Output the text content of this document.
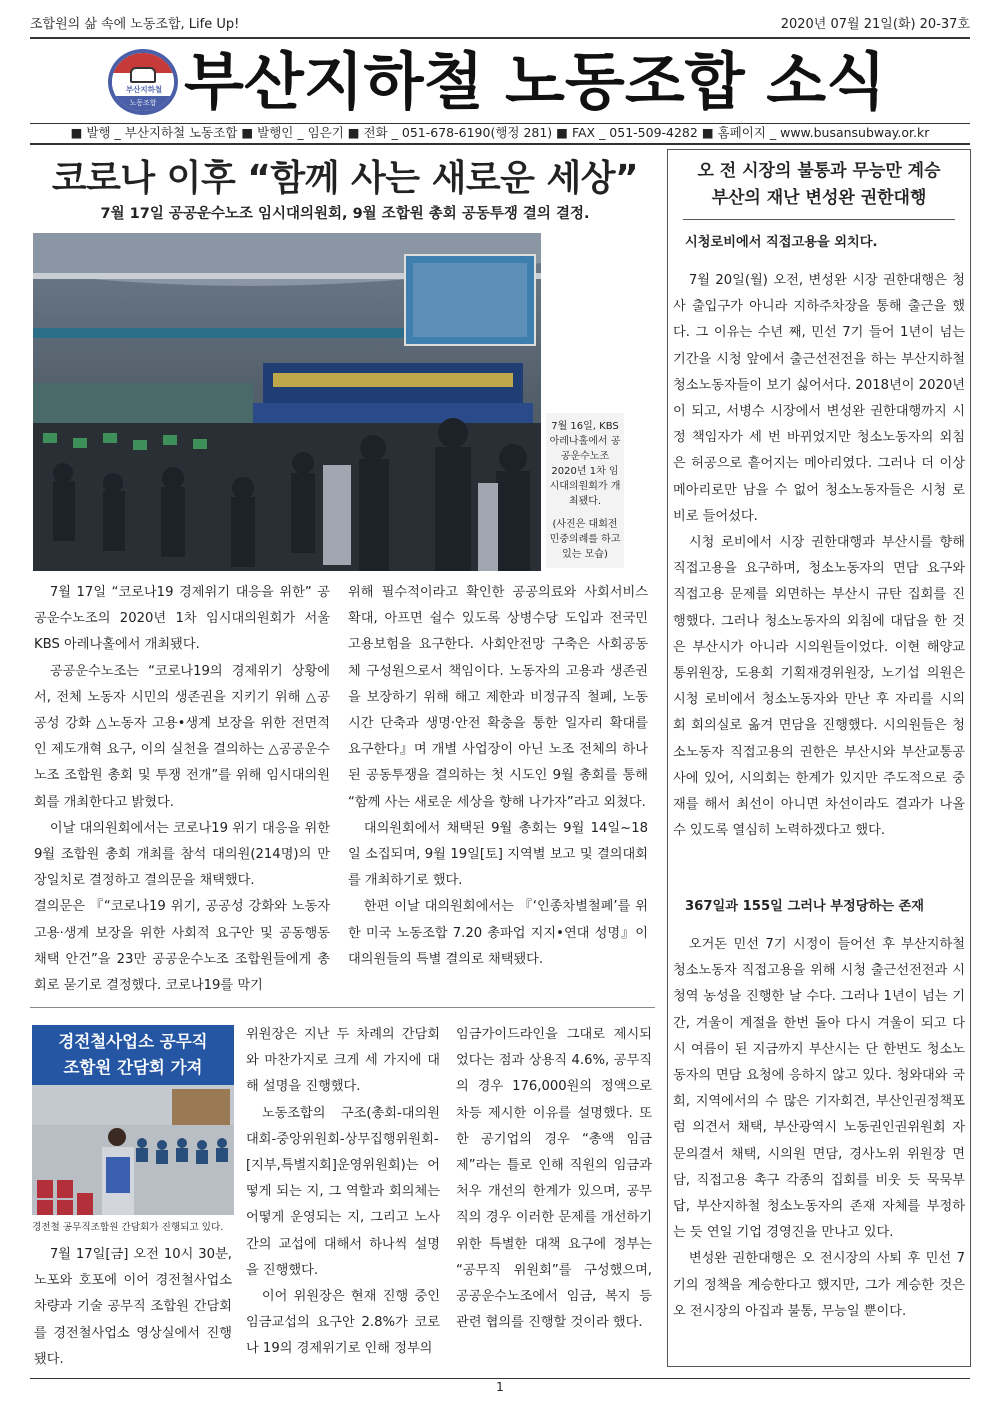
조합원의 삶 속에 노동조합, Life Up!	2020년 07월 21일(화) 20-37호
부산지하철
노동조합 부산지하철 노동조합 소식
■ 발행 _ 부산지하철 노동조합 ■ 발행인 _ 임은기 ■ 전화 _ 051-678-6190(행정 281) ■ FAX _ 051-509-4282 ■ 홈페이지 _ www.busansubway.or.kr
코로나 이후 “함께 사는 새로운 세상”
7월 17일 공공운수노조 임시대의원회, 9월 조합원 총회 공동투쟁 결의 결정.
7월 16일, KBS아레나홀에서 공공운수노조 2020년 1차 임시대의원회가 개최됐다.
(사진은 대회전 민중의례를 하고 있는 모습)

7월 17일 “코로나19 경제위기 대응을 위한” 공공운수노조의 2020년 1차 임시대의원회가 서울 KBS 아레나홀에서 개최됐다.

공공운수노조는 “코로나19의 경제위기 상황에서, 전체 노동자 시민의 생존권을 지키기 위해 △공공성 강화 △노동자 고용•생계 보장을 위한 전면적인 제도개혁 요구, 이의 실천을 결의하는 △공공운수노조 조합원 총회 및 투쟁 전개”를 위해 임시대의원회를 개최한다고 밝혔다.

이날 대의원회에서는 코로나19 위기 대응을 위한 9월 조합원 총회 개최를 참석 대의원(214명)의 만장일치로 결정하고 결의문을 채택했다.

결의문은 『“코로나19 위기, 공공성 강화와 노동자 고용·생계 보장을 위한 사회적 요구안 및 공동행동 채택 안건”을 23만 공공운수노조 조합원들에게 총회로 묻기로 결정했다. 코로나19를 막기

위해 필수적이라고 확인한 공공의료와 사회서비스 확대, 아프면 쉴수 있도록 상병수당 도입과 전국민 고용보험을 요구한다. 사회안전망 구축은 사회공동체 구성원으로서 책임이다. 노동자의 고용과 생존권을 보장하기 위해 해고 제한과 비정규직 철폐, 노동시간 단축과 생명·안전 확충을 통한 일자리 확대를 요구한다』며 개별 사업장이 아닌 노조 전체의 하나된 공동투쟁을 결의하는 첫 시도인 9월 총회를 통해 “함께 사는 새로운 세상을 향해 나가자”라고 외쳤다.

대의원회에서 채택된 9월 총회는 9월 14일~18일 소집되며, 9월 19일[토] 지역별 보고 및 결의대회를 개최하기로 했다.

한편 이날 대의원회에서는 『‘인종차별철폐’를 위한 미국 노동조합 7.20 총파업 지지•연대 성명』이 대의원들의 특별 결의로 채택됐다.

오 전 시장의 불통과 무능만 계승
부산의 재난 변성완 권한대행
시청로비에서 직접고용을 외치다.

7월 20일(월) 오전, 변성완 시장 권한대행은 청사 출입구가 아니라 지하주차장을 통해 출근을 했다. 그 이유는 수년 째, 민선 7기 들어 1년이 넘는 기간을 시청 앞에서 출근선전전을 하는 부산지하철 청소노동자들이 보기 싫어서다. 2018년이 2020년이 되고, 서병수 시장에서 변성완 권한대행까지 시정 책임자가 세 번 바뀌었지만 청소노동자의 외침은 허공으로 흩어지는 메아리였다. 그러나 더 이상 메아리로만 남을 수 없어 청소노동자들은 시청 로비로 들어섰다.

시청 로비에서 시장 권한대행과 부산시를 향해 직접고용을 요구하며, 청소노동자의 면담 요구와 직접고용 문제를 외면하는 부산시 규탄 집회를 진행했다. 그러나 청소노동자의 외침에 대답을 한 것은 부산시가 아니라 시의원들이었다. 이현 해양교통위원장, 도용회 기획재경위원장, 노기섭 의원은 시청 로비에서 청소노동자와 만난 후 자리를 시의회 회의실로 옮겨 면담을 진행했다. 시의원들은 청소노동자 직접고용의 권한은 부산시와 부산교통공사에 있어, 시의회는 한계가 있지만 주도적으로 중재를 해서 최선이 아니면 차선이라도 결과가 나올 수 있도록 열심히 노력하겠다고 했다.

367일과 155일 그러나 부정당하는 존재

오거돈 민선 7기 시정이 들어선 후 부산지하철 청소노동자 직접고용을 위해 시청 출근선전전과 시청역 농성을 진행한 날 수다. 그러나 1년이 넘는 기간, 겨울이 계절을 한번 돌아 다시 겨울이 되고 다시 여름이 된 지금까지 부산시는 단 한번도 청소노동자의 면담 요청에 응하지 않고 있다. 청와대와 국회, 지역에서의 수 많은 기자회견, 부산인권정책포럼 의견서 채택, 부산광역시 노동권인권위원회 자문의결서 채택, 시의원 면담, 경사노위 위원장 면담, 직접고용 촉구 각종의 집회를 비웃 듯 묵묵부답, 부산지하철 청소노동자의 존재 자체를 부정하는 듯 연일 기업 경영진을 만나고 있다.

변성완 권한대행은 오 전시장의 사퇴 후 민선 7기의 정책을 계승한다고 했지만, 그가 계승한 것은 오 전시장의 아집과 불통, 무능일 뿐이다.

경전철사업소 공무직
조합원 간담회 가져
경전철 공무직조합원 간담회가 진행되고 있다.

7월 17일[금] 오전 10시 30분, 노포와 호포에 이어 경전철사업소 차량과 기술 공무직 조합원 간담회를 경전철사업소 영상실에서 진행됐다.

위원장은 지난 두 차례의 간담회와 마찬가지로 크게 세 가지에 대해 설명을 진행했다.

노동조합의 구조(총회-대의원대회-중앙위원회-상무집행위원회-[지부,특별지회]운영위원회)는 어떻게 되는 지, 그 역할과 회의체는 어떻게 운영되는 지, 그리고 노사 간의 교섭에 대해서 하나씩 설명을 진행했다.

이어 위원장은 현재 진행 중인 임금교섭의 요구안 2.8%가 코로나 19의 경제위기로 인해 정부의

임금가이드라인을 그대로 제시되었다는 점과 상용직 4.6%, 공무직의 경우 176,000원의 정액으로 차등 제시한 이유를 설명했다. 또한 공기업의 경우 “총액 임금제”라는 틀로 인해 직원의 임금과 처우 개선의 한계가 있으며, 공무직의 경우 이러한 문제를 개선하기 위한 특별한 대책 요구에 정부는 “공무직 위원회”를 구성했으며, 공공운수노조에서 임금, 복지 등 관련 협의를 진행할 것이라 했다.

1
